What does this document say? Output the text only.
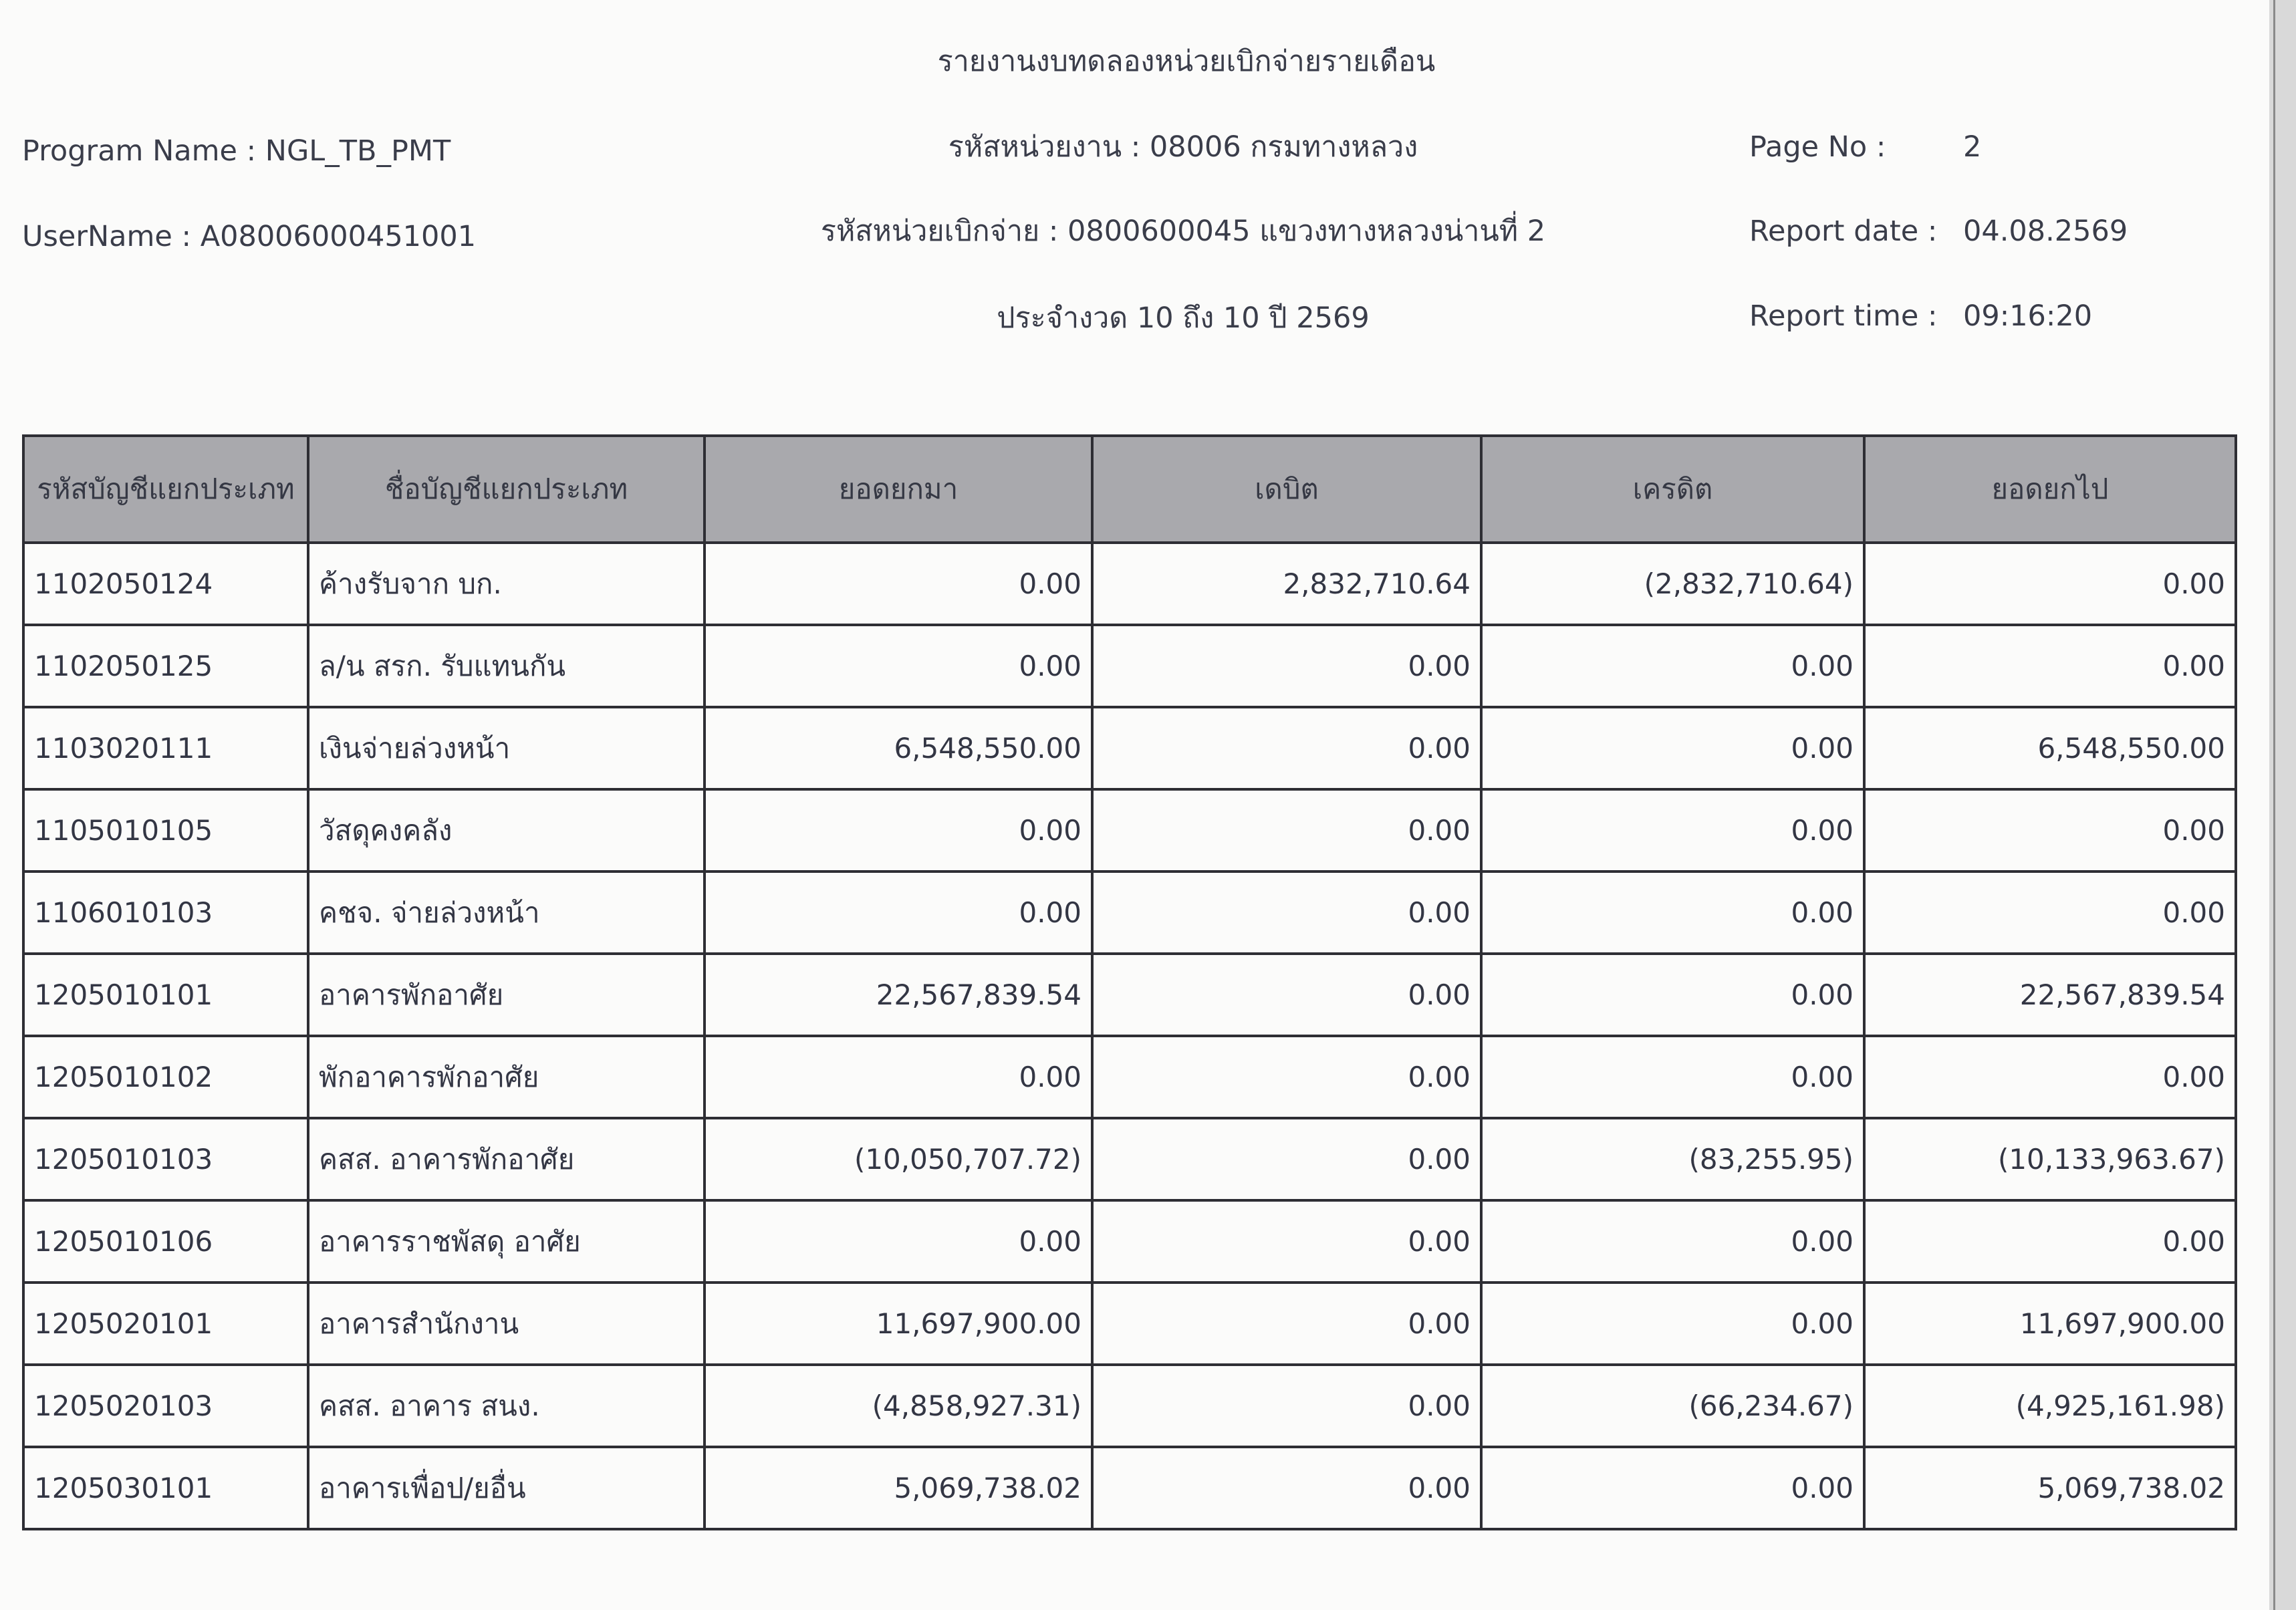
รายงานงบทดลองหน่วยเบิกจ่ายรายเดือน
Program Name : NGL_TB_PMT	รหัสหน่วยงาน : 08006 กรมทางหลวง	Page No :	2
UserName : A08006000451001	รหัสหน่วยเบิกจ่าย : 0800600045 แขวงทางหลวงน่านที่ 2	Report date : 04.08.2569
ประจำงวด 10 ถึง 10 ปี 2569	Report time : 09:16:20
รหัสบัญชีแยกประเภท	ชื่อบัญชีแยกประเภท	ยอดยกมา	เดบิต	เครดิต	ยอดยกไป
1102050124	ค้างรับจาก บก.	0.00	2,832,710.64	(2,832,710.64)	0.00
1102050125	ล/น สรก. รับแทนกัน	0.00	0.00	0.00	0.00
1103020111	เงินจ่ายล่วงหน้า	6,548,550.00	0.00	0.00	6,548,550.00
1105010105	วัสดุคงคลัง	0.00	0.00	0.00	0.00
1106010103	คชจ. จ่ายล่วงหน้า	0.00	0.00	0.00	0.00
1205010101	อาคารพักอาศัย	22,567,839.54	0.00	0.00	22,567,839.54
1205010102	พักอาคารพักอาศัย	0.00	0.00	0.00	0.00
1205010103	คสส. อาคารพักอาศัย	(10,050,707.72)	0.00	(83,255.95)	(10,133,963.67)
1205010106	อาคารราชพัสดุ อาศัย	0.00	0.00	0.00	0.00
1205020101	อาคารสำนักงาน	11,697,900.00	0.00	0.00	11,697,900.00
1205020103	คสส. อาคาร สนง.	(4,858,927.31)	0.00	(66,234.67)	(4,925,161.98)
1205030101	อาคารเพื่อป/ยอื่น	5,069,738.02	0.00	0.00	5,069,738.02
